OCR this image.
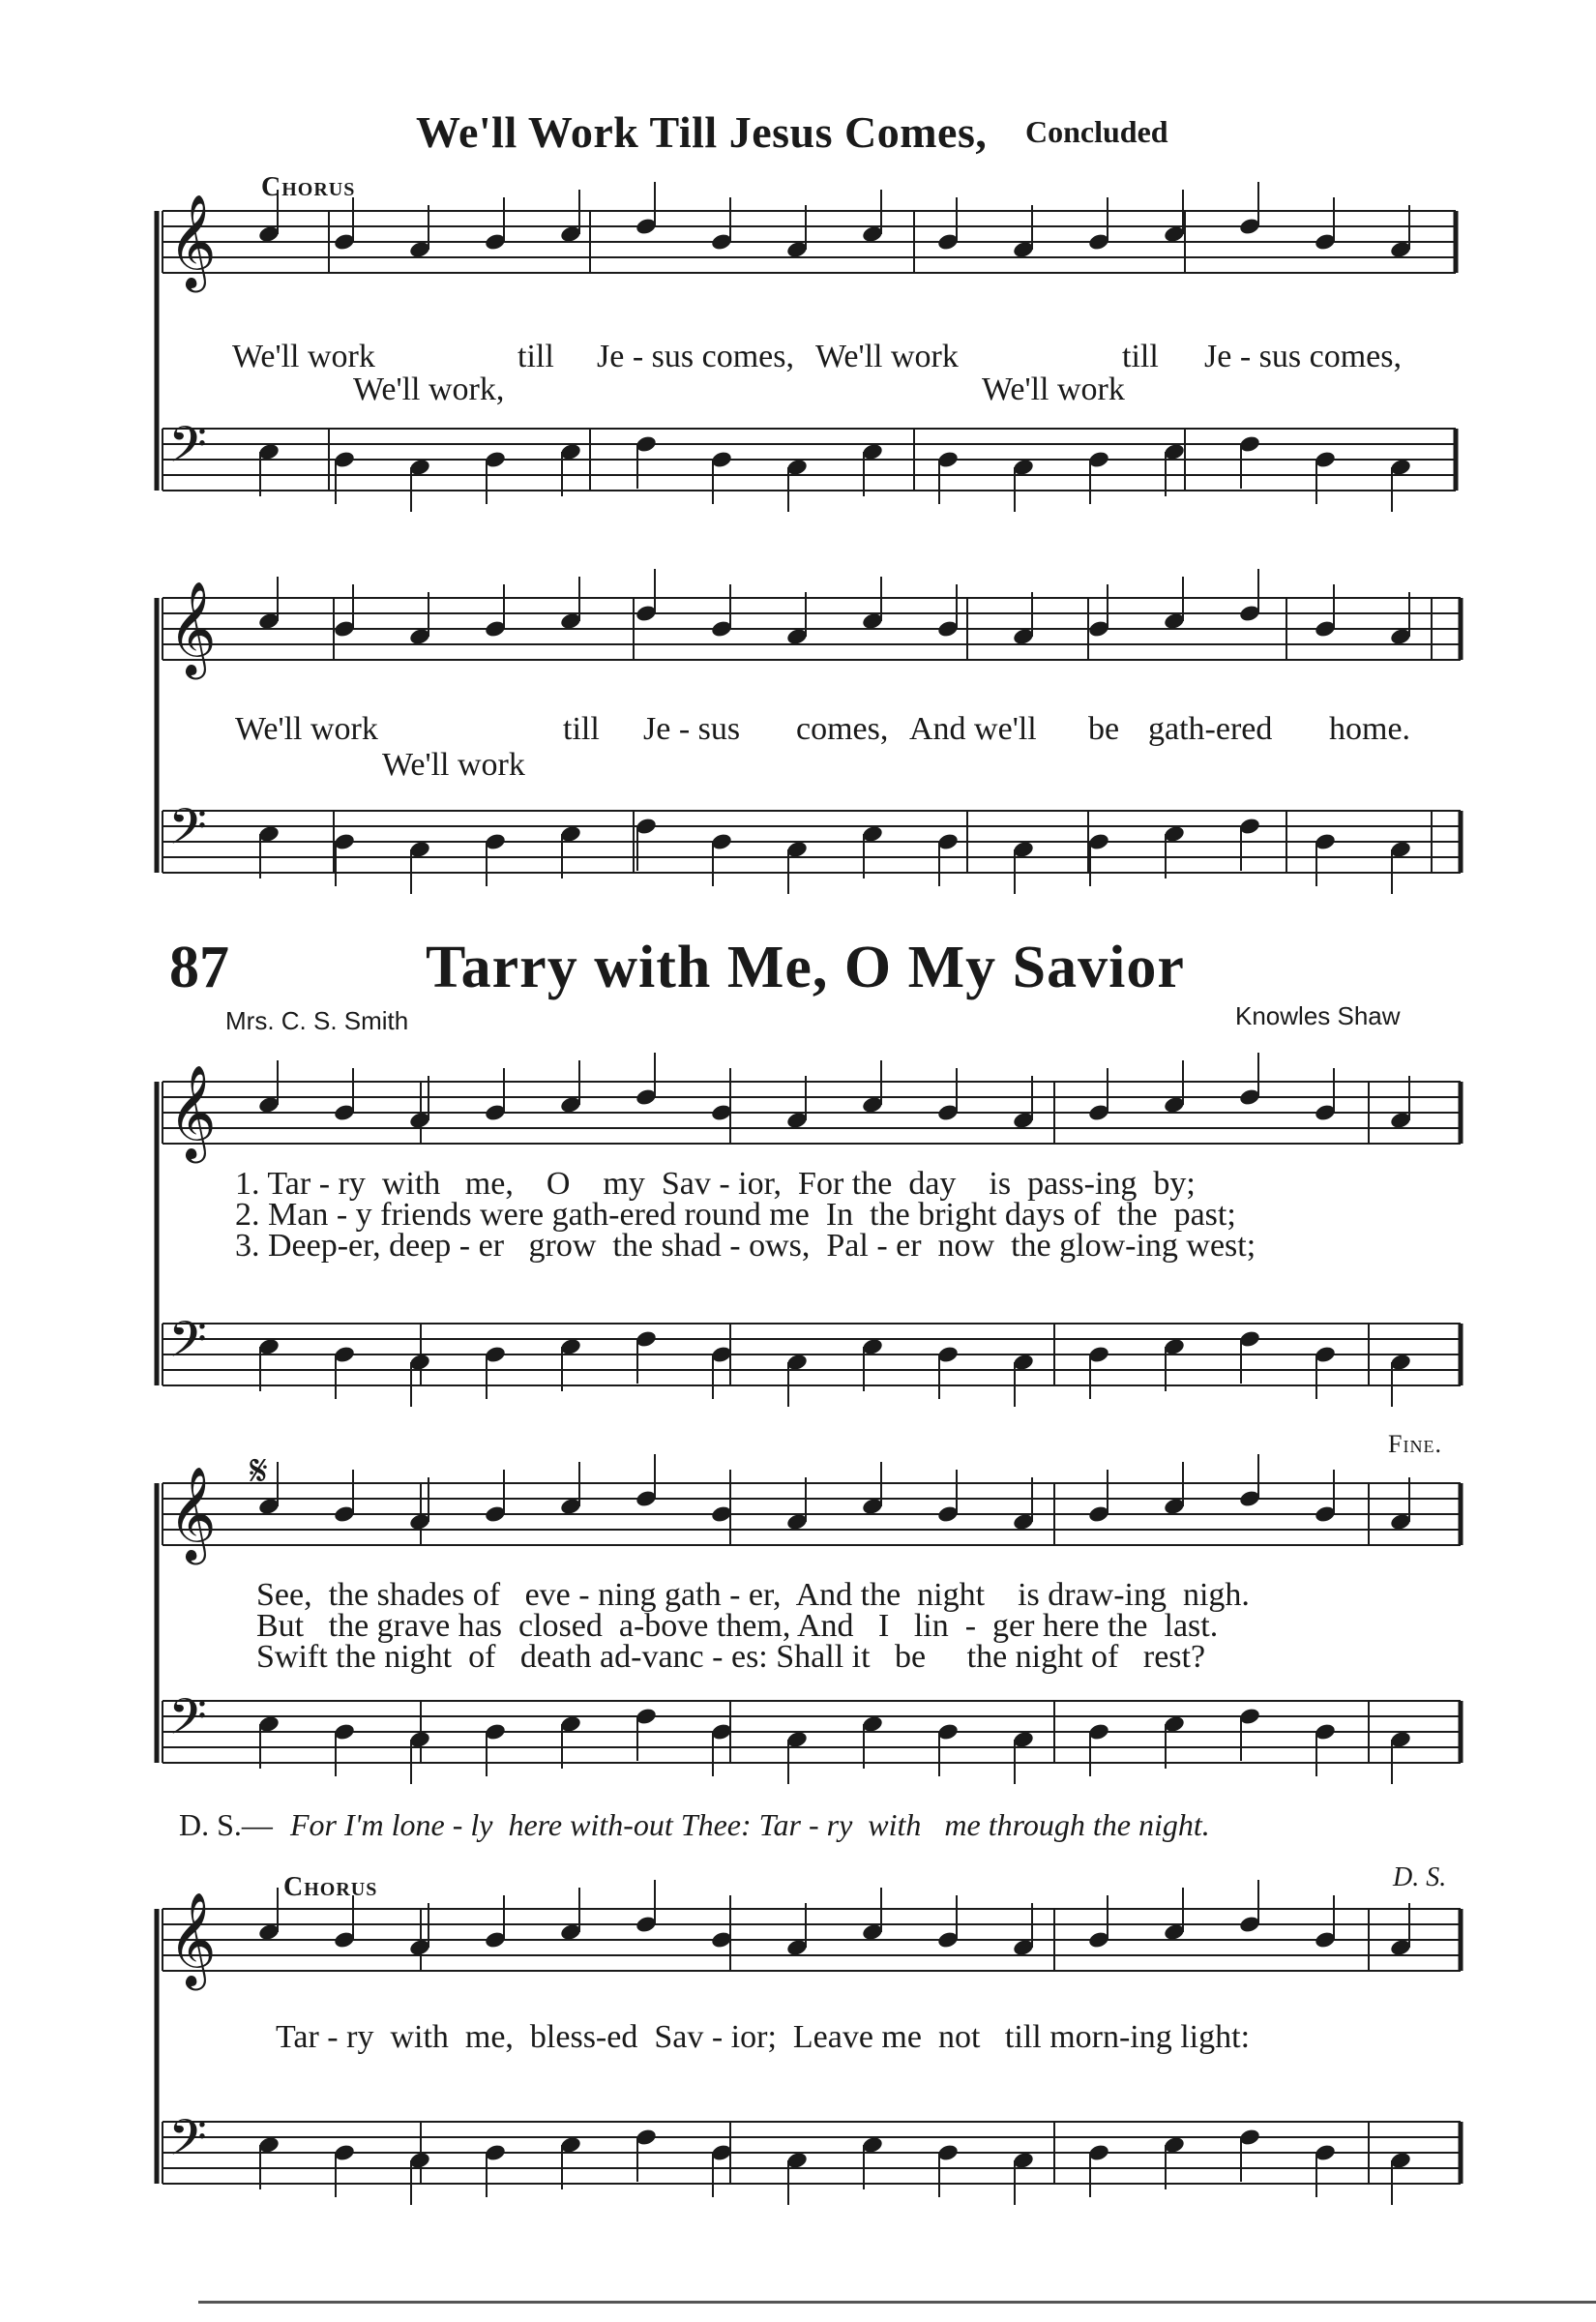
We'll Work Till Jesus Comes, Concluded
Chorus
𝄞
𝄢
𝄞
𝄢
𝄞
𝄢
𝄞
𝄢
𝄞
𝄢
We'll work	till Je - sus comes, We'll work	till Je - sus comes,
We'll work,	We'll work
We'll work	till Je - sus comes, And we'll be gath-ered home.
We'll work
87	Tarry with Me, O My Savior
Mrs. C. S. Smith	Knowles Shaw
1. Tar - ry  with   me,    O    my  Sav - ior,  For the  day    is  pass-ing  by;
2. Man - y friends were gath-ered round me  In  the bright days of  the  past;
3. Deep-er, deep - er   grow  the shad - ows,  Pal - er  now  the glow-ing west;
See,  the shades of   eve - ning gath - er,  And the  night    is draw-ing  nigh.
But   the grave has  closed  a-bove them, And   I   lin  -  ger here the  last.
Swift the night  of   death ad-vanc - es: Shall it   be     the night of   rest?
Fine.
𝄋
D. S.— For I'm lone - ly  here with-out Thee: Tar - ry  with   me through the night.
Chorus	D. S.
Tar - ry  with  me,  bless-ed  Sav - ior;  Leave me  not   till morn-ing light:
